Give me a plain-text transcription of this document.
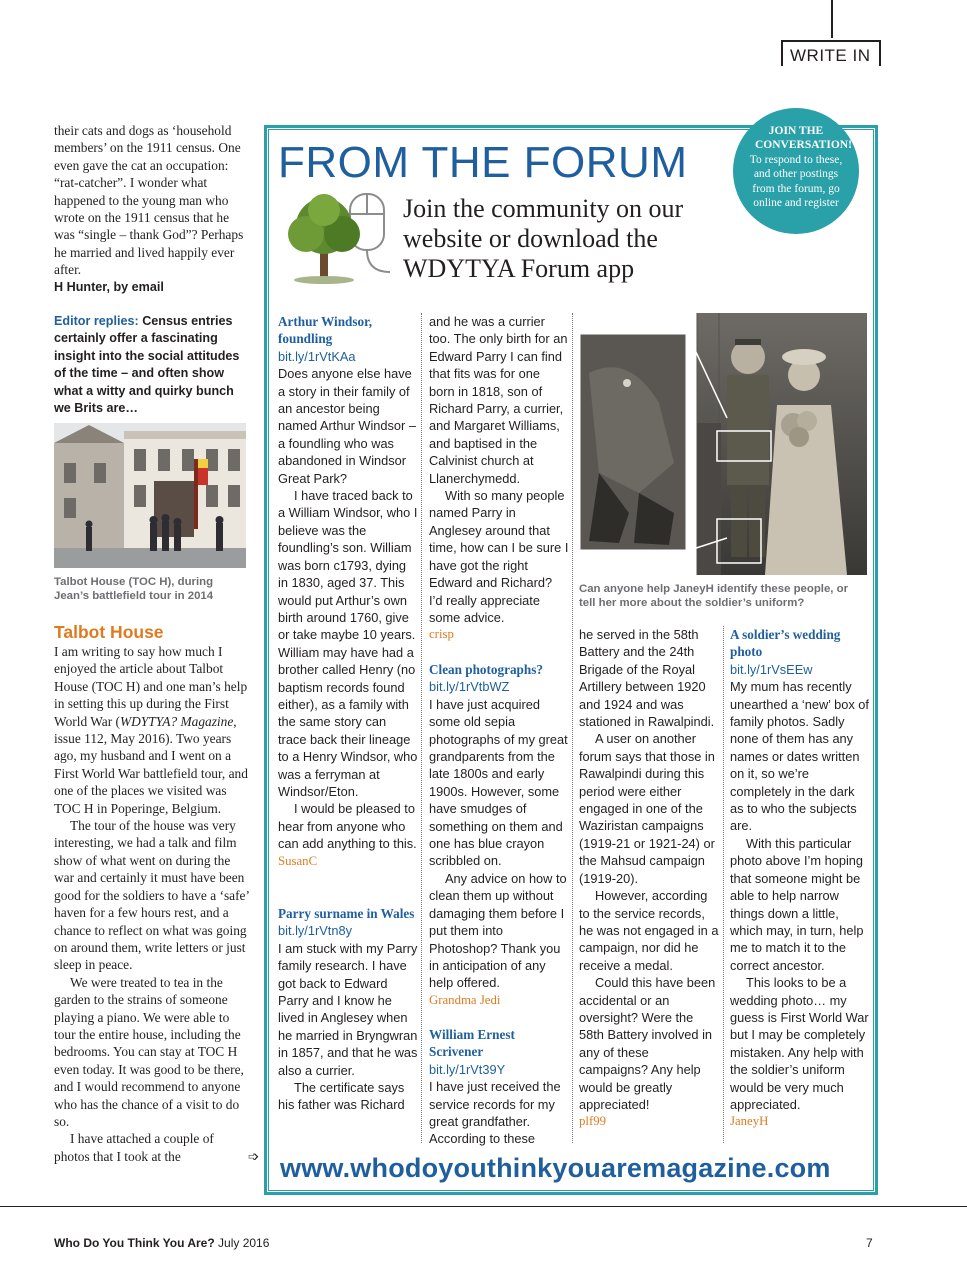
WRITE IN

their cats and dogs as ‘household members’ on the 1911 census. One even gave the cat an occupation: “rat-catcher”. I wonder what happened to the young man who wrote on the 1911 census that he was “single – thank God”? Perhaps he married and lived happily ever after.

H Hunter, by email

Editor replies: Census entries certainly offer a fascinating insight into the social attitudes of the time – and often show what a witty and quirky bunch we Brits are…
Talbot House (TOC H), during Jean’s battlefield tour in 2014
Talbot House

I am writing to say how much I enjoyed the article about Talbot House (TOC H) and one man’s help in setting this up during the First World War (WDYTYA? Magazine, issue 112, May 2016). Two years ago, my husband and I went on a First World War battlefield tour, and one of the places we visited was TOC H in Poperinge, Belgium.

The tour of the house was very interesting, we had a talk and film show of what went on during the war and certainly it must have been good for the soldiers to have a ‘safe’ haven for a few hours rest, and a chance to reflect on what was going on around them, write letters or just sleep in peace.

We were treated to tea in the garden to the strains of someone playing a piano. We were able to tour the entire house, including the bedrooms. You can stay at TOC H even today. It was good to be there, and I would recommend to anyone who has the chance of a visit to do so.

I have attached a couple of photos that I took at the	➩

FROM THE FORUM
Join the community on our website or download the WDYTYA Forum app
JOIN THE CONVERSATION!
To respond to these, and other postings from the forum, go online and register
Arthur Windsor, foundling
bit.ly/1rVtKAa

Does anyone else have a story in their family of an ancestor being named Arthur Windsor – a foundling who was abandoned in Windsor Great Park?

I have traced back to a William Windsor, who I believe was the foundling’s son. William was born c1793, dying in 1830, aged 37. This would put Arthur’s own birth around 1760, give or take maybe 10 years. William may have had a brother called Henry (no baptism records found either), as a family with the same story can trace back their lineage to a Henry Windsor, who was a ferryman at Windsor/Eton.

I would be pleased to hear from anyone who can add anything to this.

SusanC
Parry surname in Wales
bit.ly/1rVtn8y

I am stuck with my Parry family research. I have got back to Edward Parry and I know he lived in Anglesey when he married in Bryngwran in 1857, and that he was also a currier.

The certificate says his father was Richard

and he was a currier too. The only birth for an Edward Parry I can find that fits was for one born in 1818, son of Richard Parry, a currier, and Margaret Williams, and baptised in the Calvinist church at Llanerchymedd.

With so many people named Parry in Anglesey around that time, how can I be sure I have got the right Edward and Richard? I’d really appreciate some advice.

crisp
Clean photographs?
bit.ly/1rVtbWZ

I have just acquired some old sepia photographs of my great grandparents from the late 1800s and early 1900s. However, some have smudges of something on them and one has blue crayon scribbled on.

Any advice on how to clean them up without damaging them before I put them into Photoshop? Thank you in anticipation of any help offered.

Grandma Jedi
William Ernest Scrivener
bit.ly/1rVt39Y

I have just received the service records for my great grandfather. According to these

Can anyone help JaneyH identify these people, or tell her more about the soldier’s uniform?

he served in the 58th Battery and the 24th Brigade of the Royal Artillery between 1920 and 1924 and was stationed in Rawalpindi.

A user on another forum says that those in Rawalpindi during this period were either engaged in one of the Waziristan campaigns (1919-21 or 1921-24) or the Mahsud campaign (1919-20).

However, according to the service records, he was not engaged in a campaign, nor did he receive a medal.

Could this have been accidental or an oversight? Were the 58th Battery involved in any of these campaigns? Any help would be greatly appreciated!

plf99
A soldier’s wedding photo
bit.ly/1rVsEEw

My mum has recently unearthed a ‘new’ box of family photos. Sadly none of them has any names or dates written on it, so we’re completely in the dark as to who the subjects are.

With this particular photo above I’m hoping that someone might be able to help narrow things down a little, which may, in turn, help me to match it to the correct ancestor.

This looks to be a wedding photo… my guess is First World War but I may be completely mistaken. Any help with the soldier’s uniform would be very much appreciated.

JaneyH
www.whodoyouthinkyouaremagazine.com
Who Do You Think You Are? July 2016	7
